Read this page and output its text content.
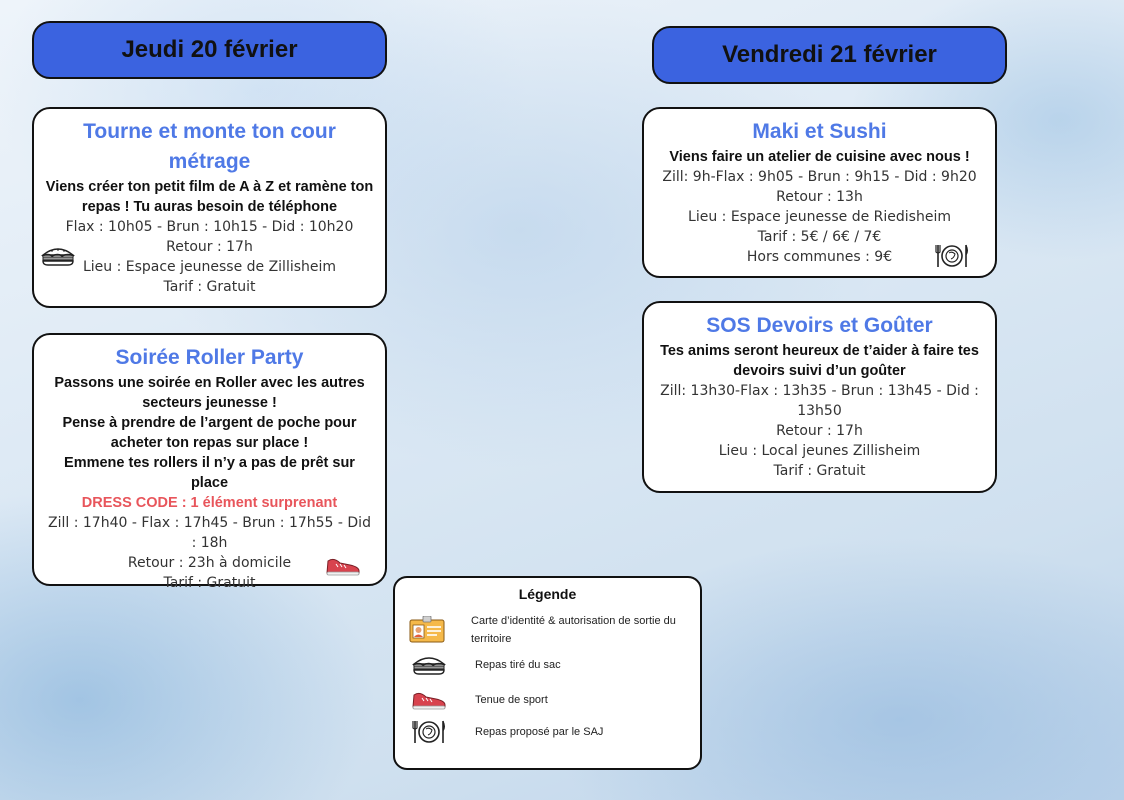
Jeudi 20 février	Vendredi 21 février
Tourne et monte ton cour métrage
Viens créer ton petit film de A à Z et ramène ton repas ! Tu auras besoin de téléphone
Flax : 10h05 - Brun : 10h15 - Did : 10h20
Retour : 17h
Lieu : Espace jeunesse de Zillisheim
Tarif : Gratuit
Soirée Roller Party
Passons une soirée en Roller avec les autres secteurs jeunesse !
Pense à prendre de l’argent de poche pour acheter ton repas sur place !
Emmene tes rollers il n’y a pas de prêt sur place
DRESS CODE : 1 élément surprenant
Zill : 17h40 - Flax : 17h45 - Brun : 17h55 - Did : 18h
Retour : 23h à domicile
Tarif : Gratuit
Maki et Sushi
Viens faire un atelier de cuisine avec nous !
Zill: 9h-Flax : 9h05 - Brun : 9h15 - Did : 9h20
Retour : 13h
Lieu : Espace jeunesse de Riedisheim
Tarif : 5€ / 6€ / 7€
Hors communes : 9€
SOS Devoirs et Goûter
Tes anims seront heureux de t’aider à faire tes devoirs suivi d’un goûter
Zill: 13h30-Flax : 13h35 - Brun : 13h45 - Did : 13h50
Retour : 17h
Lieu : Local jeunes Zillisheim
Tarif : Gratuit
Légende
Carte d’identité & autorisation de sortie du territoire
Repas tiré du sac
Tenue de sport
Repas proposé par le SAJ
